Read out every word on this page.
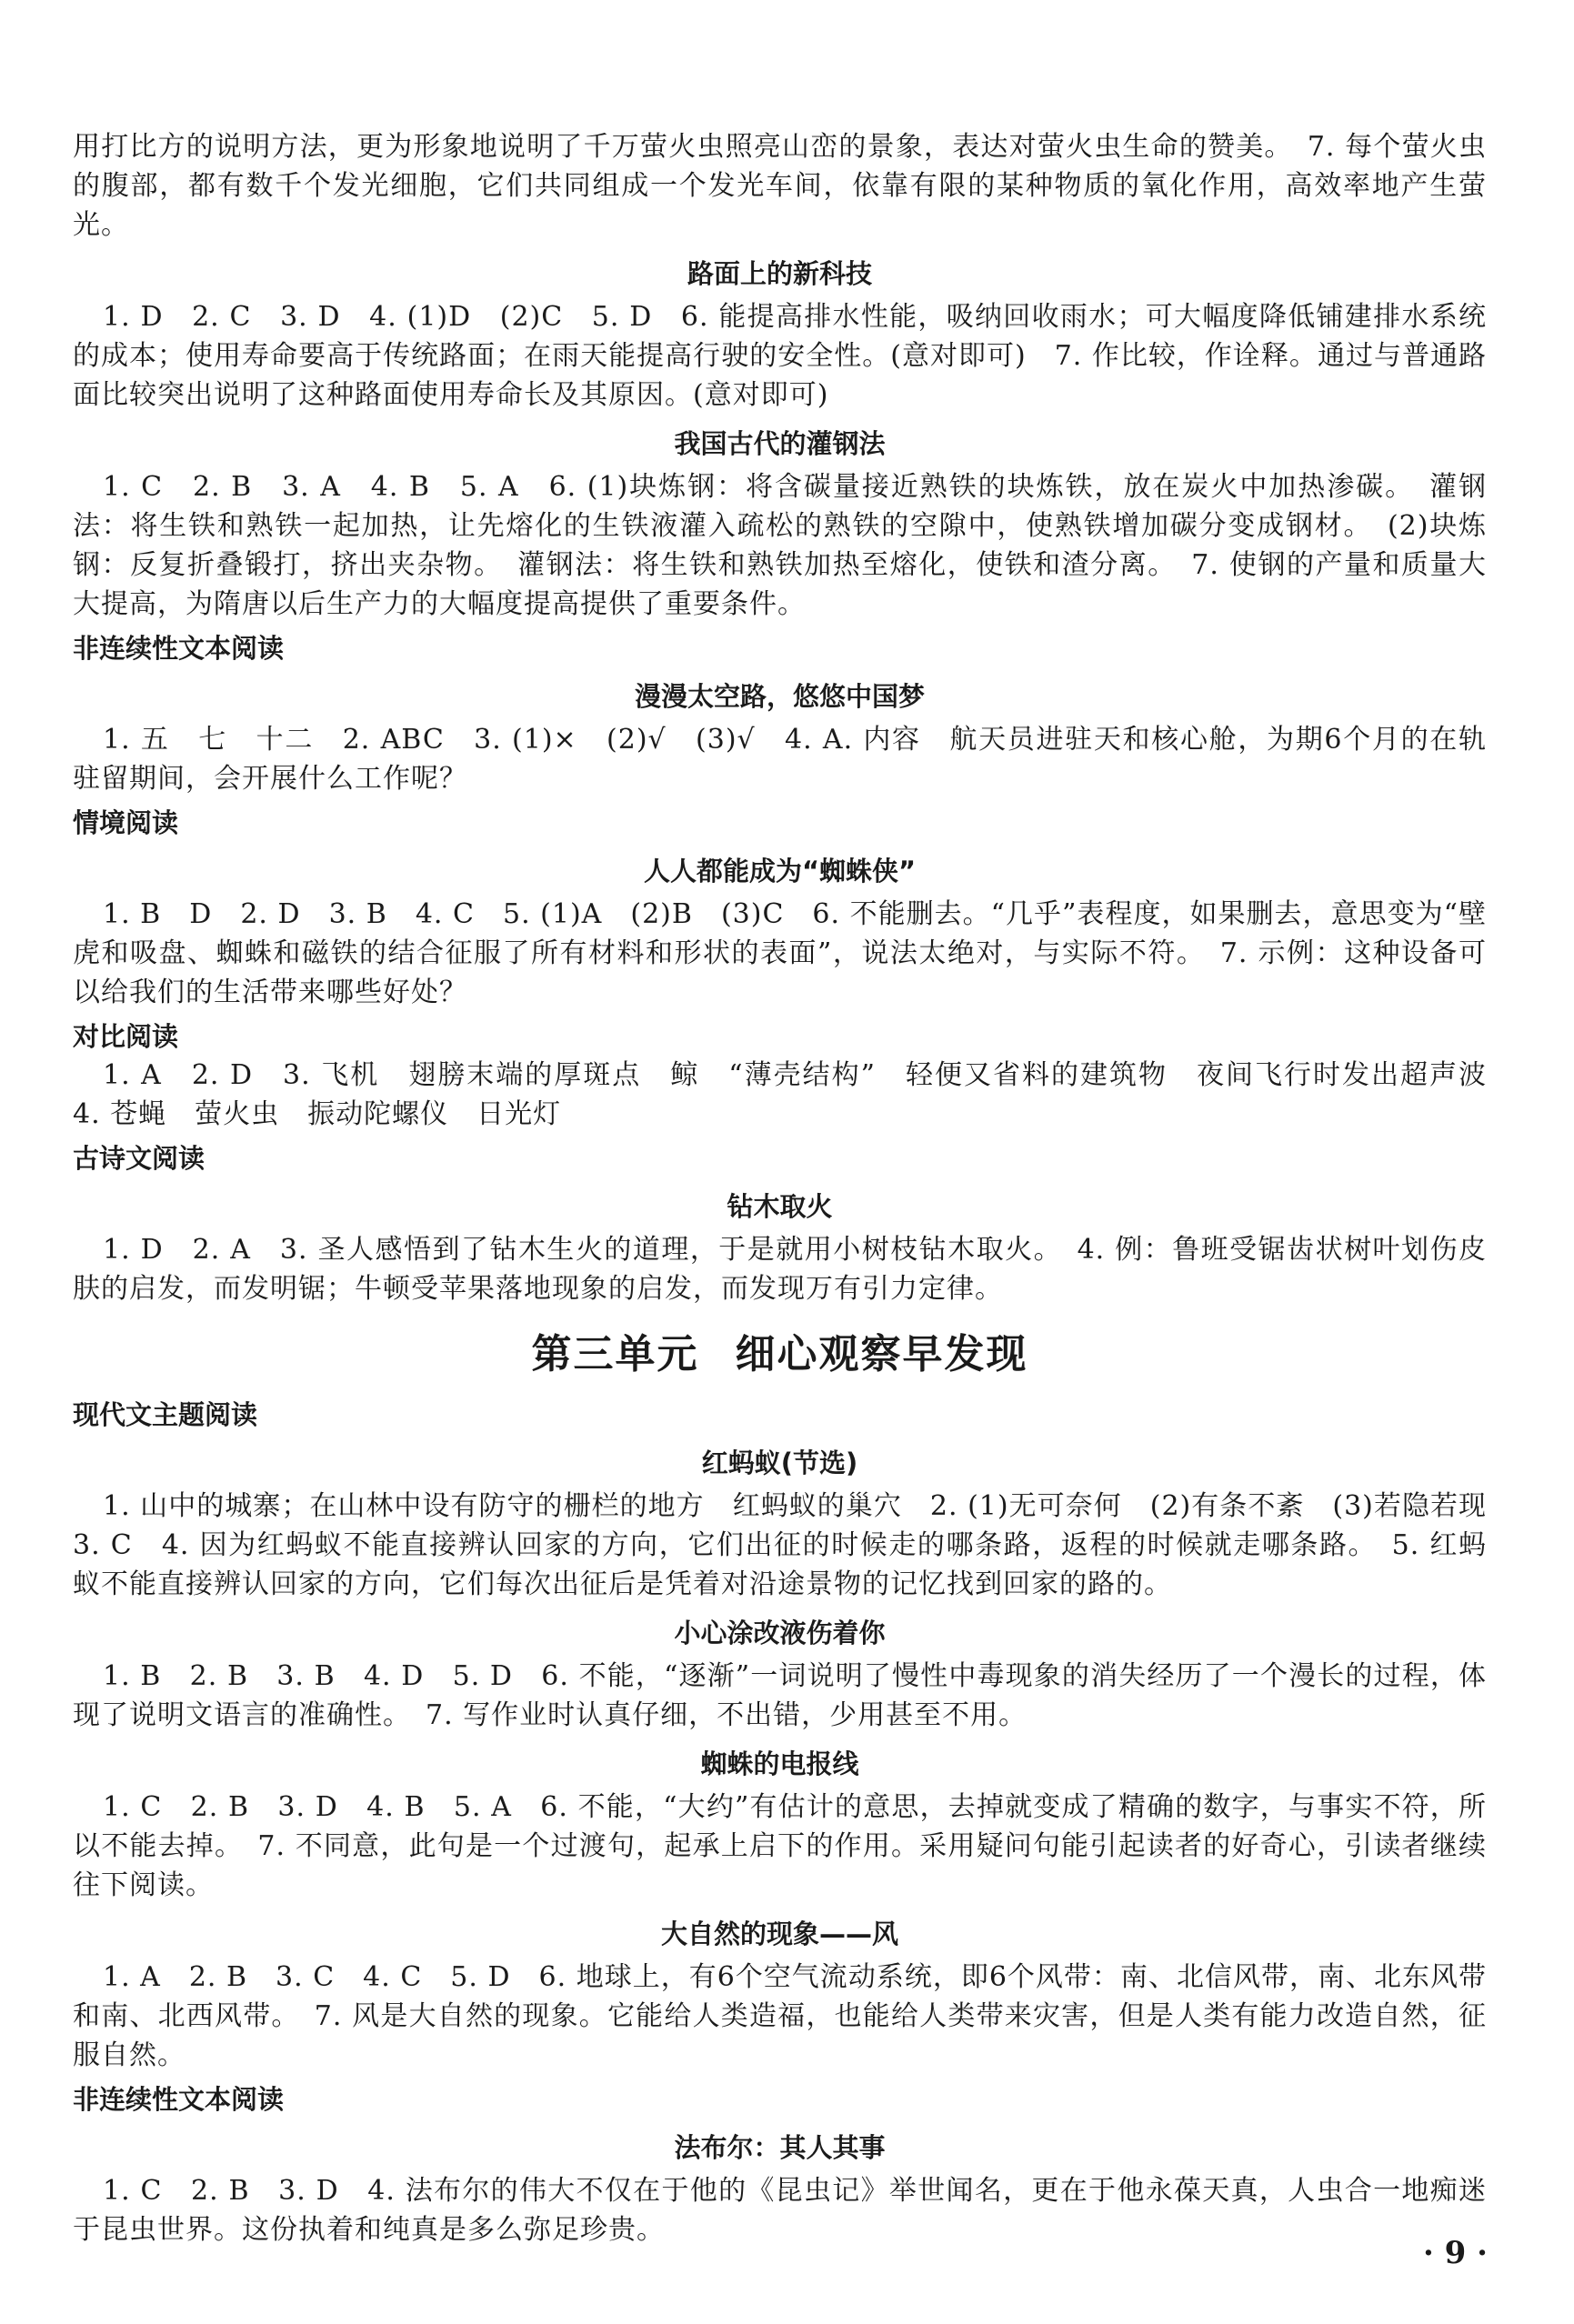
用打比方的说明方法，更为形象地说明了千万萤火虫照亮山峦的景象，表达对萤火虫生命的赞美。　7. 每个萤火虫的腹部，都有数千个发光细胞，它们共同组成一个发光车间，依靠有限的某种物质的氧化作用，高效率地产生萤光。

路面上的新科技

1. D　2. C　3. D　4. (1)D　(2)C　5. D　6. 能提高排水性能，吸纳回收雨水；可大幅度降低铺建排水系统的成本；使用寿命要高于传统路面；在雨天能提高行驶的安全性。(意对即可)　7. 作比较，作诠释。通过与普通路面比较突出说明了这种路面使用寿命长及其原因。(意对即可)

我国古代的灌钢法

1. C　2. B　3. A　4. B　5. A　6. (1)块炼钢：将含碳量接近熟铁的块炼铁，放在炭火中加热渗碳。　灌钢法：将生铁和熟铁一起加热，让先熔化的生铁液灌入疏松的熟铁的空隙中，使熟铁增加碳分变成钢材。　(2)块炼钢：反复折叠锻打，挤出夹杂物。　灌钢法：将生铁和熟铁加热至熔化，使铁和渣分离。　7. 使钢的产量和质量大大提高，为隋唐以后生产力的大幅度提高提供了重要条件。

非连续性文本阅读

漫漫太空路，悠悠中国梦

1. 五　七　十二　2. ABC　3. (1)×　(2)√　(3)√　4. A. 内容　航天员进驻天和核心舱，为期6个月的在轨驻留期间，会开展什么工作呢？

情境阅读

人人都能成为“蜘蛛侠”

1. B　D　2. D　3. B　4. C　5. (1)A　(2)B　(3)C　6. 不能删去。“几乎”表程度，如果删去，意思变为“壁虎和吸盘、蜘蛛和磁铁的结合征服了所有材料和形状的表面”，说法太绝对，与实际不符。　7. 示例：这种设备可以给我们的生活带来哪些好处？

对比阅读

1. A　2. D　3. 飞机　翅膀末端的厚斑点　鲸　“薄壳结构”　轻便又省料的建筑物　夜间飞行时发出超声波　4. 苍蝇　萤火虫　振动陀螺仪　日光灯

古诗文阅读

钻木取火

1. D　2. A　3. 圣人感悟到了钻木生火的道理，于是就用小树枝钻木取火。　4. 例：鲁班受锯齿状树叶划伤皮肤的启发，而发明锯；牛顿受苹果落地现象的启发，而发现万有引力定律。

第三单元 细心观察早发现

现代文主题阅读

红蚂蚁(节选)

1. 山中的城寨；在山林中设有防守的栅栏的地方　红蚂蚁的巢穴　2. (1)无可奈何　(2)有条不紊　(3)若隐若现　3. C　4. 因为红蚂蚁不能直接辨认回家的方向，它们出征的时候走的哪条路，返程的时候就走哪条路。　5. 红蚂蚁不能直接辨认回家的方向，它们每次出征后是凭着对沿途景物的记忆找到回家的路的。

小心涂改液伤着你

1. B　2. B　3. B　4. D　5. D　6. 不能，“逐渐”一词说明了慢性中毒现象的消失经历了一个漫长的过程，体现了说明文语言的准确性。　7. 写作业时认真仔细，不出错，少用甚至不用。

蜘蛛的电报线

1. C　2. B　3. D　4. B　5. A　6. 不能，“大约”有估计的意思，去掉就变成了精确的数字，与事实不符，所以不能去掉。　7. 不同意，此句是一个过渡句，起承上启下的作用。采用疑问句能引起读者的好奇心，引读者继续往下阅读。

大自然的现象——风

1. A　2. B　3. C　4. C　5. D　6. 地球上，有6个空气流动系统，即6个风带：南、北信风带，南、北东风带和南、北西风带。　7. 风是大自然的现象。它能给人类造福，也能给人类带来灾害，但是人类有能力改造自然，征服自然。

非连续性文本阅读

法布尔：其人其事

1. C　2. B　3. D　4. 法布尔的伟大不仅在于他的《昆虫记》举世闻名，更在于他永葆天真，人虫合一地痴迷于昆虫世界。这份执着和纯真是多么弥足珍贵。

· 9 ·
